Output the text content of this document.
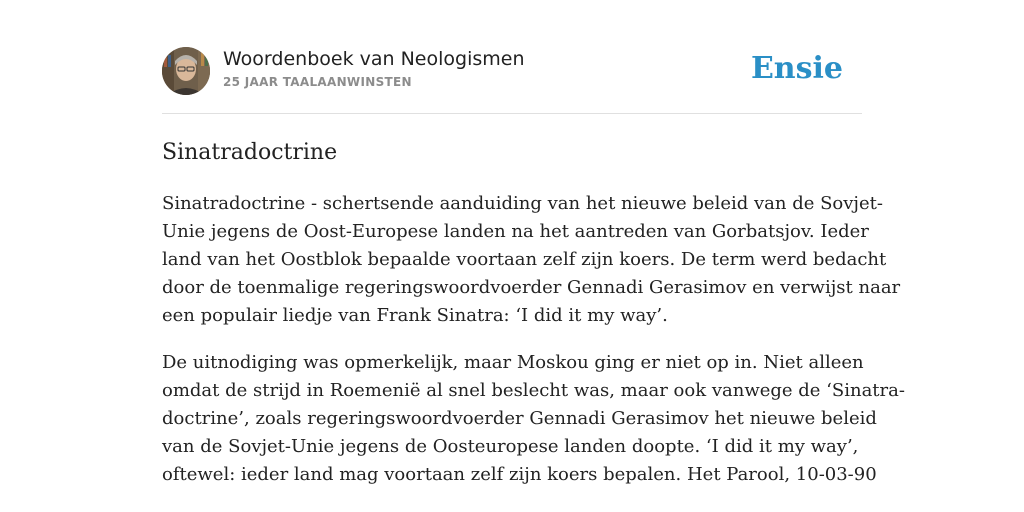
Woordenboek van Neologismen
25 JAAR TAALAANWINSTEN	Ensie
Sinatradoctrine

Sinatradoctrine - schertsende aanduiding van het nieuwe beleid van de Sovjet-
Unie jegens de Oost-Europese landen na het aantreden van Gorbatsjov. Ieder
land van het Oostblok bepaalde voortaan zelf zijn koers. De term werd bedacht
door de toenmalige regeringswoordvoerder Gennadi Gerasimov en verwijst naar
een populair liedje van Frank Sinatra: ‘I did it my way’.

De uitnodiging was opmerkelijk, maar Moskou ging er niet op in. Niet alleen
omdat de strijd in Roemenië al snel beslecht was, maar ook vanwege de ‘Sinatra-
doctrine’, zoals regeringswoordvoerder Gennadi Gerasimov het nieuwe beleid
van de Sovjet-Unie jegens de Oosteuropese landen doopte. ‘I did it my way’,
oftewel: ieder land mag voortaan zelf zijn koers bepalen. Het Parool, 10-03-90
